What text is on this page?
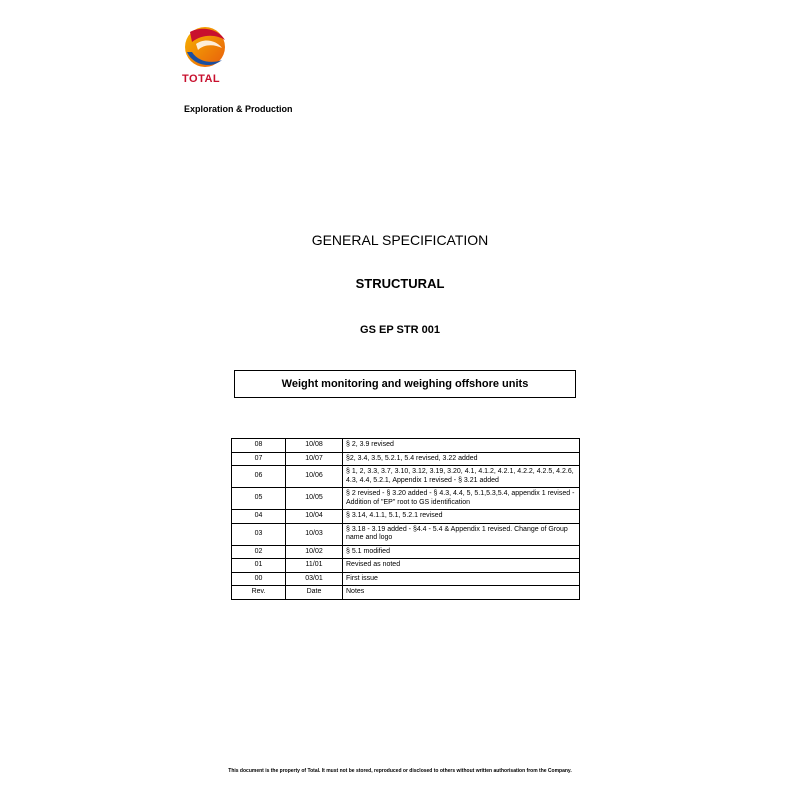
TOTAL
Exploration & Production
GENERAL SPECIFICATION
STRUCTURAL
GS EP STR 001
Weight monitoring and weighing offshore units
08	10/08	§ 2, 3.9 revised
07	10/07	§2, 3.4, 3.5, 5.2.1, 5.4 revised, 3.22 added
06	10/06	§ 1, 2, 3.3, 3.7, 3.10, 3.12, 3.19, 3.20, 4.1, 4.1.2, 4.2.1, 4.2.2, 4.2.5, 4.2.6, 4.3, 4.4, 5.2.1, Appendix 1 revised - § 3.21 added
05	10/05	§ 2 revised - § 3.20 added - § 4.3, 4.4, 5, 5.1,5.3,5.4, appendix 1 revised - Addition of "EP" root to GS identification
04	10/04	§ 3.14, 4.1.1, 5.1, 5.2.1 revised
03	10/03	§ 3.18 - 3.19 added - §4.4 - 5.4 & Appendix 1 revised. Change of Group name and logo
02	10/02	§ 5.1 modified
01	11/01	Revised as noted
00	03/01	First issue
Rev.	Date	Notes
This document is the property of Total. It must not be stored, reproduced or disclosed to others without written authorisation from the Company.
